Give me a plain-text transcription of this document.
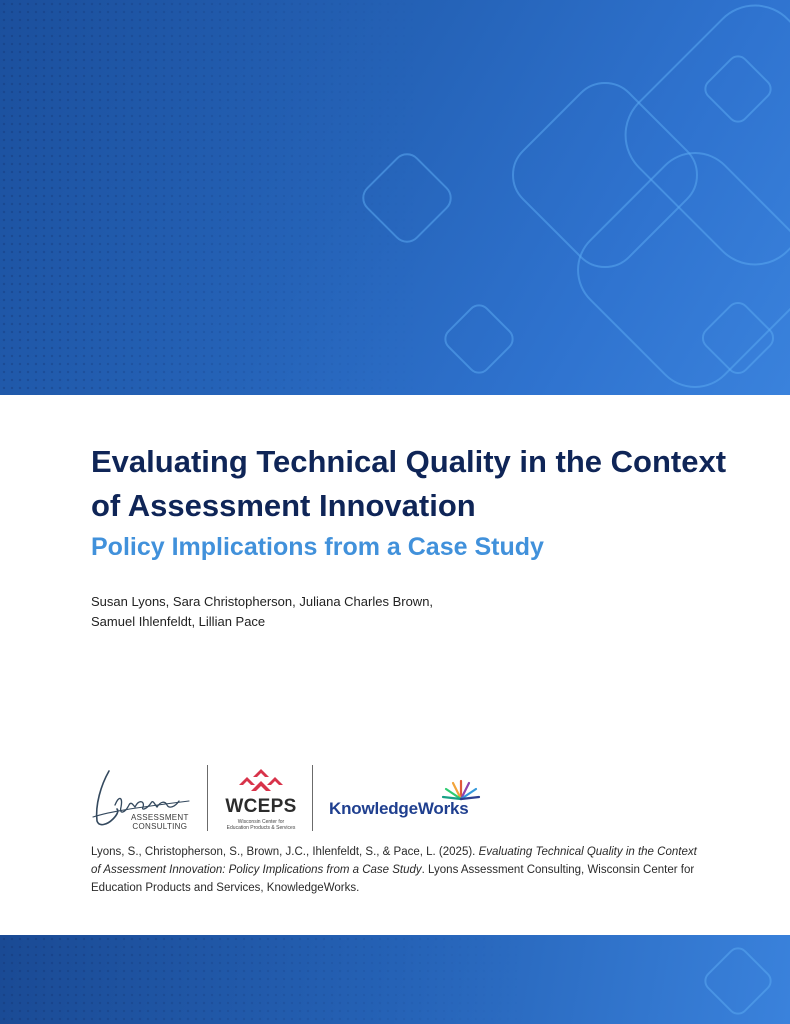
Evaluating Technical Quality in the Context of Assessment Innovation
Policy Implications from a Case Study
Susan Lyons, Sara Christopherson, Juliana Charles Brown,
Samuel Ihlenfeldt, Lillian Pace
ASSESSMENT
CONSULTING
WCEPS
Wisconsin Center for
Education Products & Services
KnowledgeWorks

Lyons, S., Christopherson, S., Brown, J.C., Ihlenfeldt, S., & Pace, L. (2025). Evaluating Technical Quality in the Context of Assessment Innovation: Policy Implications from a Case Study. Lyons Assessment Consulting, Wisconsin Center for Education Products and Services, KnowledgeWorks.
